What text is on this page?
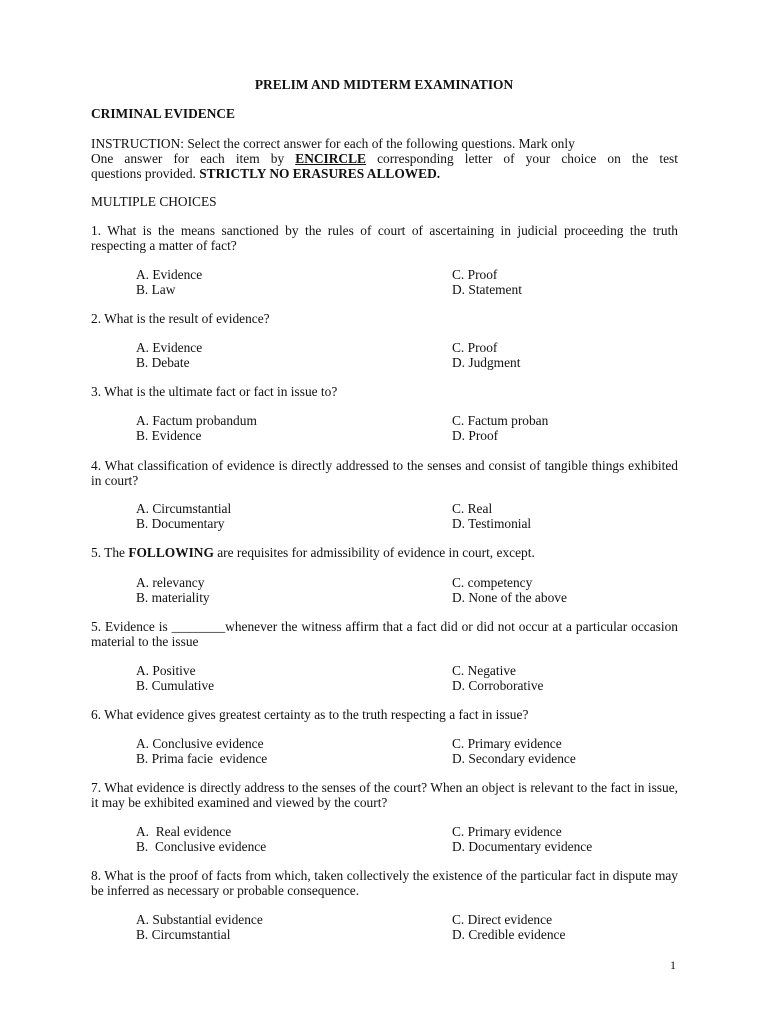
PRELIM AND MIDTERM EXAMINATION
CRIMINAL EVIDENCE
INSTRUCTION: Select the correct answer for each of the following questions. Mark only
One answer for each item by ENCIRCLE corresponding letter of your choice on the test
questions provided. STRICTLY NO ERASURES ALLOWED.
MULTIPLE CHOICES
1. What is the means sanctioned by the rules of court of ascertaining in judicial proceeding the truth respecting a matter of fact?
A. Evidence	C. Proof
B. Law	D. Statement
2. What is the result of evidence?
A. Evidence	C. Proof
B. Debate	D. Judgment
3. What is the ultimate fact or fact in issue to?
A. Factum probandum	C. Factum proban
B. Evidence	D. Proof
4. What classification of evidence is directly addressed to the senses and consist of tangible things exhibited in court?
A. Circumstantial	C. Real
B. Documentary	D. Testimonial
5. The FOLLOWING are requisites for admissibility of evidence in court, except.
A. relevancy	C. competency
B. materiality	D. None of the above
5. Evidence is ________whenever the witness affirm that a fact did or did not occur at a particular occasion material to the issue
A. Positive	C. Negative
B. Cumulative	D. Corroborative
6. What evidence gives greatest certainty as to the truth respecting a fact in issue?
A. Conclusive evidence	C. Primary evidence
B. Prima facie  evidence	D. Secondary evidence
7. What evidence is directly address to the senses of the court? When an object is relevant to the fact in issue, it may be exhibited examined and viewed by the court?
A.  Real evidence	C. Primary evidence
B.  Conclusive evidence	D. Documentary evidence
8. What is the proof of facts from which, taken collectively the existence of the particular fact in dispute may be inferred as necessary or probable consequence.
A. Substantial evidence	C. Direct evidence
B. Circumstantial	D. Credible evidence
1
